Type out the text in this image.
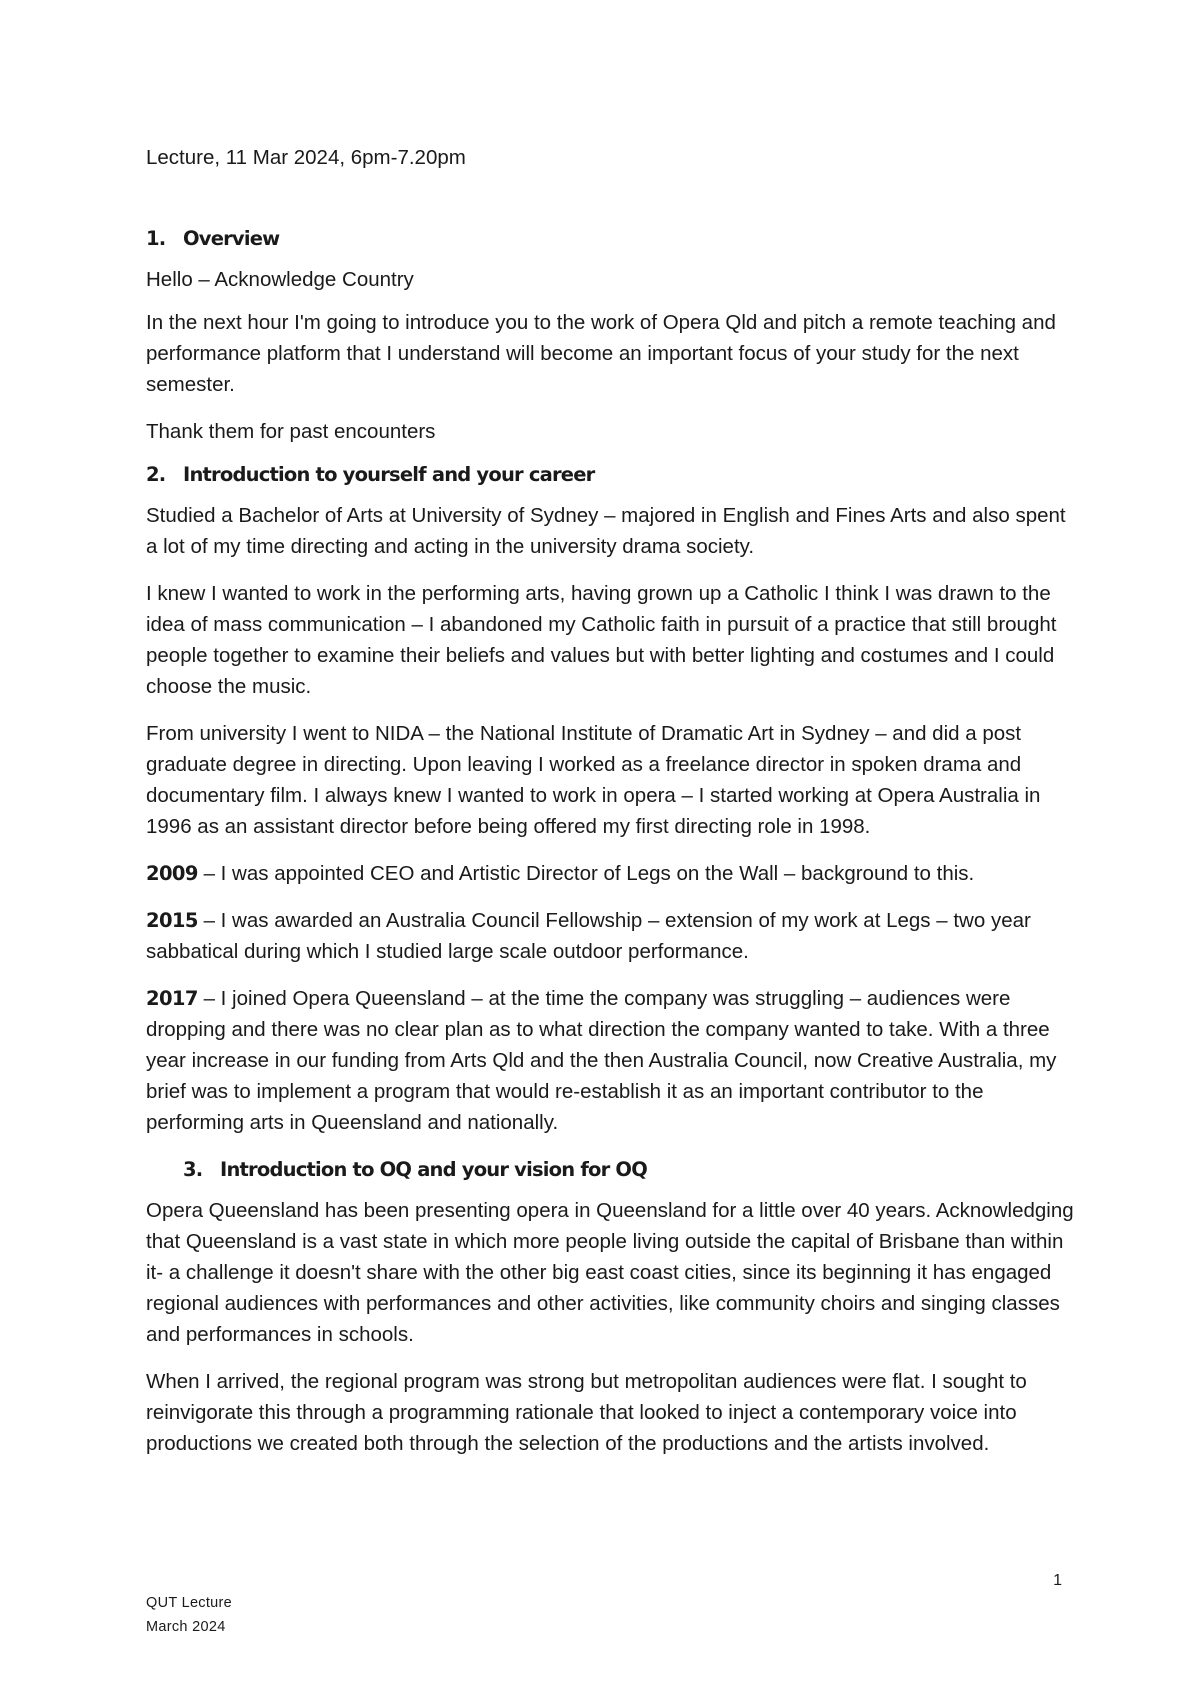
Lecture, 11 Mar 2024, 6pm-7.20pm

1. Overview

Hello – Acknowledge Country

In the next hour I'm going to introduce you to the work of Opera Qld and pitch a remote teaching and performance platform that I understand will become an important focus of your study for the next semester.

Thank them for past encounters

2. Introduction to yourself and your career

Studied a Bachelor of Arts at University of Sydney – majored in English and Fines Arts and also spent a lot of my time directing and acting in the university drama society.

I knew I wanted to work in the performing arts, having grown up a Catholic I think I was drawn to the idea of mass communication – I abandoned my Catholic faith in pursuit of a practice that still brought people together to examine their beliefs and values but with better lighting and costumes and I could choose the music.

From university I went to NIDA – the National Institute of Dramatic Art in Sydney – and did a post graduate degree in directing. Upon leaving I worked as a freelance director in spoken drama and documentary film. I always knew I wanted to work in opera – I started working at Opera Australia in 1996 as an assistant director before being offered my first directing role in 1998.

2009 – I was appointed CEO and Artistic Director of Legs on the Wall – background to this.

2015 – I was awarded an Australia Council Fellowship – extension of my work at Legs – two year sabbatical during which I studied large scale outdoor performance.

2017 – I joined Opera Queensland – at the time the company was struggling – audiences were dropping and there was no clear plan as to what direction the company wanted to take. With a three year increase in our funding from Arts Qld and the then Australia Council, now Creative Australia, my brief was to implement a program that would re-establish it as an important contributor to the performing arts in Queensland and nationally.

3. Introduction to OQ and your vision for OQ

Opera Queensland has been presenting opera in Queensland for a little over 40 years. Acknowledging that Queensland is a vast state in which more people living outside the capital of Brisbane than within it- a challenge it doesn't share with the other big east coast cities, since its beginning it has engaged regional audiences with performances and other activities, like community choirs and singing classes and performances in schools.

When I arrived, the regional program was strong but metropolitan audiences were flat. I sought to reinvigorate this through a programming rationale that looked to inject a contemporary voice into productions we created both through the selection of the productions and the artists involved.

1
QUT Lecture
March 2024
